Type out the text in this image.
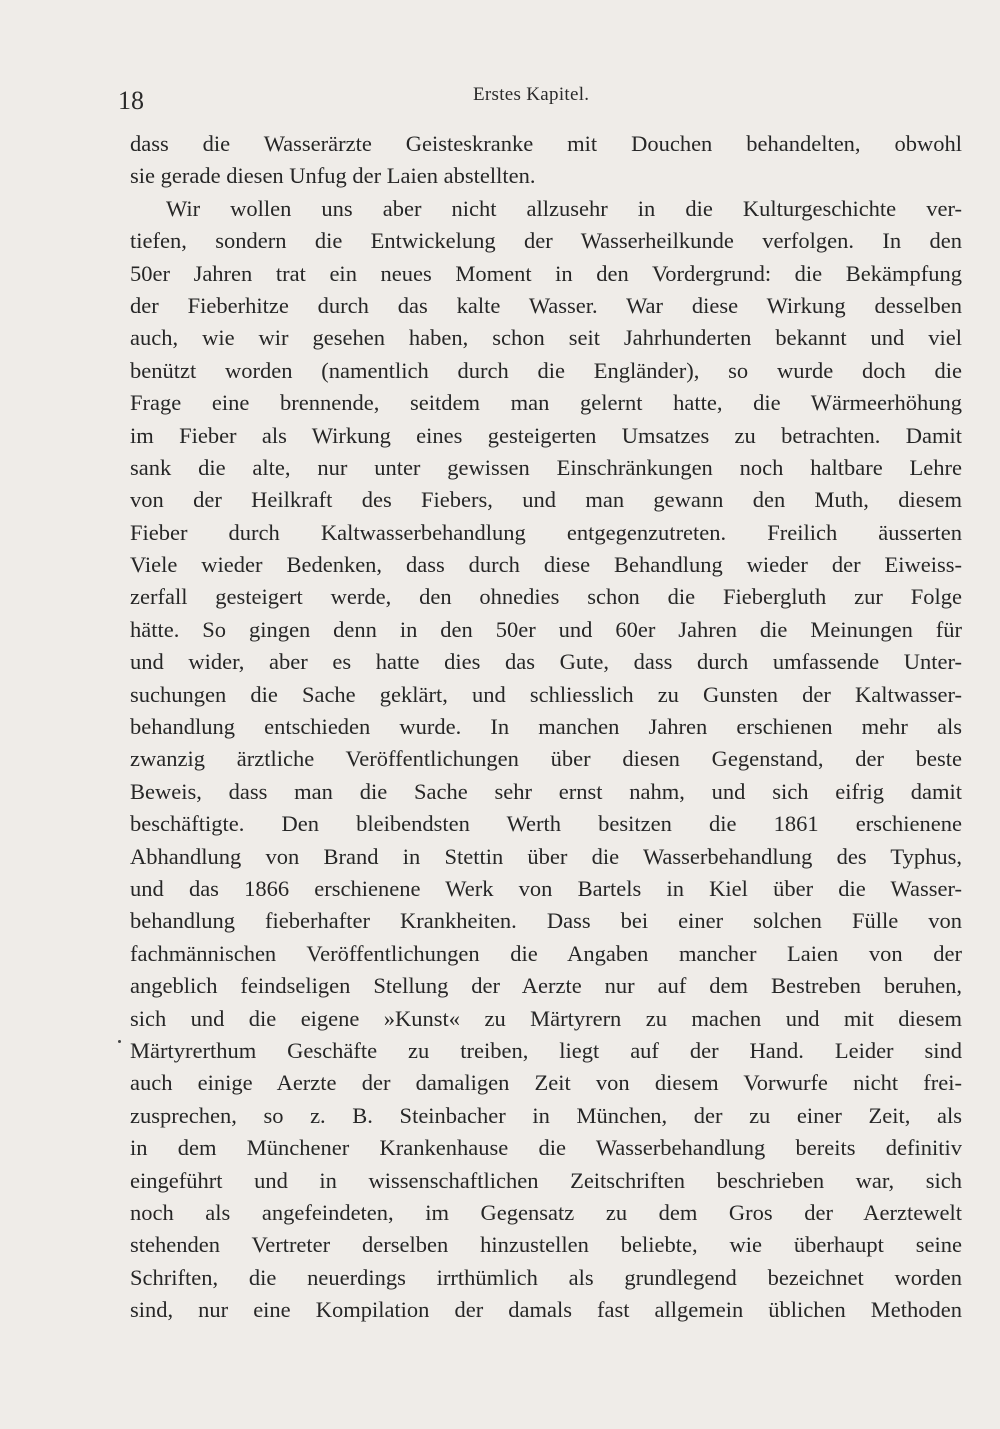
18	Erstes Kapitel.
dass die Wasserärzte Geisteskranke mit Douchen behandelten, obwohl
sie gerade diesen Unfug der Laien abstellten.
Wir wollen uns aber nicht allzusehr in die Kulturgeschichte ver-
tiefen, sondern die Entwickelung der Wasserheilkunde verfolgen. In den
50er Jahren trat ein neues Moment in den Vordergrund: die Bekämpfung
der Fieberhitze durch das kalte Wasser. War diese Wirkung desselben
auch, wie wir gesehen haben, schon seit Jahrhunderten bekannt und viel
benützt worden (namentlich durch die Engländer), so wurde doch die
Frage eine brennende, seitdem man gelernt hatte, die Wärmeerhöhung
im Fieber als Wirkung eines gesteigerten Umsatzes zu betrachten. Damit
sank die alte, nur unter gewissen Einschränkungen noch haltbare Lehre
von der Heilkraft des Fiebers, und man gewann den Muth, diesem
Fieber durch Kaltwasserbehandlung entgegenzutreten. Freilich äusserten
Viele wieder Bedenken, dass durch diese Behandlung wieder der Eiweiss-
zerfall gesteigert werde, den ohnedies schon die Fiebergluth zur Folge
hätte. So gingen denn in den 50er und 60er Jahren die Meinungen für
und wider, aber es hatte dies das Gute, dass durch umfassende Unter-
suchungen die Sache geklärt, und schliesslich zu Gunsten der Kaltwasser-
behandlung entschieden wurde. In manchen Jahren erschienen mehr als
zwanzig ärztliche Veröffentlichungen über diesen Gegenstand, der beste
Beweis, dass man die Sache sehr ernst nahm, und sich eifrig damit
beschäftigte. Den bleibendsten Werth besitzen die 1861 erschienene
Abhandlung von Brand in Stettin über die Wasserbehandlung des Typhus,
und das 1866 erschienene Werk von Bartels in Kiel über die Wasser-
behandlung fieberhafter Krankheiten. Dass bei einer solchen Fülle von
fachmännischen Veröffentlichungen die Angaben mancher Laien von der
angeblich feindseligen Stellung der Aerzte nur auf dem Bestreben beruhen,
sich und die eigene »Kunst« zu Märtyrern zu machen und mit diesem
Märtyrerthum Geschäfte zu treiben, liegt auf der Hand. Leider sind
auch einige Aerzte der damaligen Zeit von diesem Vorwurfe nicht frei-
zusprechen, so z. B. Steinbacher in München, der zu einer Zeit, als
in dem Münchener Krankenhause die Wasserbehandlung bereits definitiv
eingeführt und in wissenschaftlichen Zeitschriften beschrieben war, sich
noch als angefeindeten, im Gegensatz zu dem Gros der Aerztewelt
stehenden Vertreter derselben hinzustellen beliebte, wie überhaupt seine
Schriften, die neuerdings irrthümlich als grundlegend bezeichnet worden
sind, nur eine Kompilation der damals fast allgemein üblichen Methoden
